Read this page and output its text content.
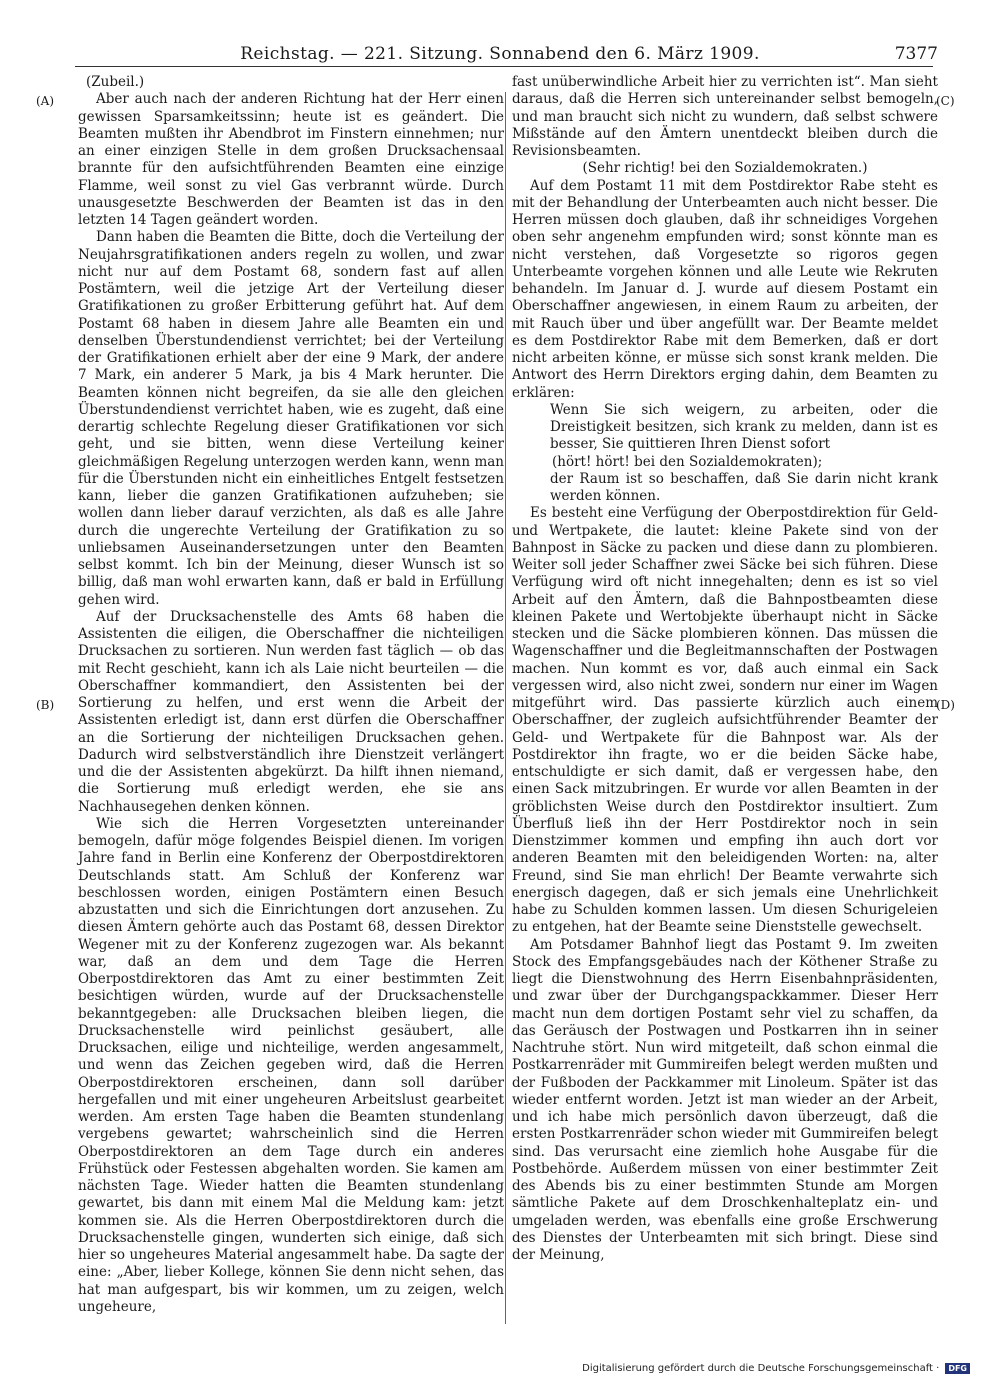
Reichstag. — 221. Sitzung. Sonnabend den 6. März 1909.	7377
(A)
(B)
(C)
(D)

(Zubeil.)

Aber auch nach der anderen Richtung hat der Herr einen gewissen Sparsamkeitssinn; heute ist es geändert. Die Beamten mußten ihr Abendbrot im Finstern einnehmen; nur an einer einzigen Stelle in dem großen Drucksachensaal brannte für den aufsichtführenden Beamten eine einzige Flamme, weil sonst zu viel Gas verbrannt würde. Durch unausgesetzte Beschwerden der Beamten ist das in den letzten 14 Tagen geändert worden.

Dann haben die Beamten die Bitte, doch die Verteilung der Neujahrsgratifikationen anders regeln zu wollen, und zwar nicht nur auf dem Postamt 68, sondern fast auf allen Postämtern, weil die jetzige Art der Verteilung dieser Gratifikationen zu großer Erbitterung geführt hat. Auf dem Postamt 68 haben in diesem Jahre alle Beamten ein und denselben Überstundendienst verrichtet; bei der Verteilung der Gratifikationen erhielt aber der eine 9 Mark, der andere 7 Mark, ein anderer 5 Mark, ja bis 4 Mark herunter. Die Beamten können nicht begreifen, da sie alle den gleichen Überstundendienst verrichtet haben, wie es zugeht, daß eine derartig schlechte Regelung dieser Gratifikationen vor sich geht, und sie bitten, wenn diese Verteilung keiner gleichmäßigen Regelung unterzogen werden kann, wenn man für die Überstunden nicht ein einheitliches Entgelt festsetzen kann, lieber die ganzen Gratifikationen aufzuheben; sie wollen dann lieber darauf verzichten, als daß es alle Jahre durch die ungerechte Verteilung der Gratifikation zu so unliebsamen Auseinandersetzungen unter den Beamten selbst kommt. Ich bin der Meinung, dieser Wunsch ist so billig, daß man wohl erwarten kann, daß er bald in Erfüllung gehen wird.

Auf der Drucksachenstelle des Amts 68 haben die Assistenten die eiligen, die Oberschaffner die nichteiligen Drucksachen zu sortieren. Nun werden fast täglich — ob das mit Recht geschieht, kann ich als Laie nicht beurteilen — die Oberschaffner kommandiert, den Assistenten bei der Sortierung zu helfen, und erst wenn die Arbeit der Assistenten erledigt ist, dann erst dürfen die Oberschaffner an die Sortierung der nichteiligen Drucksachen gehen. Dadurch wird selbstverständlich ihre Dienstzeit verlängert und die der Assistenten abgekürzt. Da hilft ihnen niemand, die Sortierung muß erledigt werden, ehe sie ans Nachhausegehen denken können.

Wie sich die Herren Vorgesetzten untereinander bemogeln, dafür möge folgendes Beispiel dienen. Im vorigen Jahre fand in Berlin eine Konferenz der Oberpostdirektoren Deutschlands statt. Am Schluß der Konferenz war beschlossen worden, einigen Postämtern einen Besuch abzustatten und sich die Einrichtungen dort anzusehen. Zu diesen Ämtern gehörte auch das Postamt 68, dessen Direktor Wegener mit zu der Konferenz zugezogen war. Als bekannt war, daß an dem und dem Tage die Herren Oberpostdirektoren das Amt zu einer bestimmten Zeit besichtigen würden, wurde auf der Drucksachenstelle bekanntgegeben: alle Drucksachen bleiben liegen, die Drucksachenstelle wird peinlichst gesäubert, alle Drucksachen, eilige und nichteilige, werden angesammelt, und wenn das Zeichen gegeben wird, daß die Herren Oberpostdirektoren erscheinen, dann soll darüber hergefallen und mit einer ungeheuren Arbeitslust gearbeitet werden. Am ersten Tage haben die Beamten stundenlang vergebens gewartet; wahrscheinlich sind die Herren Oberpostdirektoren an dem Tage durch ein anderes Frühstück oder Festessen abgehalten worden. Sie kamen am nächsten Tage. Wieder hatten die Beamten stundenlang gewartet, bis dann mit einem Mal die Meldung kam: jetzt kommen sie. Als die Herren Oberpostdirektoren durch die Drucksachenstelle gingen, wunderten sich einige, daß sich hier so ungeheures Material angesammelt habe. Da sagte der eine: „Aber, lieber Kollege, können Sie denn nicht sehen, das hat man aufgespart, bis wir kommen, um zu zeigen, welch ungeheure,

fast unüberwindliche Arbeit hier zu verrichten ist“. Man sieht daraus, daß die Herren sich untereinander selbst bemogeln, und man braucht sich nicht zu wundern, daß selbst schwere Mißstände auf den Ämtern unentdeckt bleiben durch die Revisionsbeamten.

(Sehr richtig! bei den Sozialdemokraten.)

Auf dem Postamt 11 mit dem Postdirektor Rabe steht es mit der Behandlung der Unterbeamten auch nicht besser. Die Herren müssen doch glauben, daß ihr schneidiges Vorgehen oben sehr angenehm empfunden wird; sonst könnte man es nicht verstehen, daß Vorgesetzte so rigoros gegen Unterbeamte vorgehen können und alle Leute wie Rekruten behandeln. Im Januar d. J. wurde auf diesem Postamt ein Oberschaffner angewiesen, in einem Raum zu arbeiten, der mit Rauch über und über angefüllt war. Der Beamte meldet es dem Postdirektor Rabe mit dem Bemerken, daß er dort nicht arbeiten könne, er müsse sich sonst krank melden. Die Antwort des Herrn Direktors erging dahin, dem Beamten zu erklären:

Wenn Sie sich weigern, zu arbeiten, oder die Dreistigkeit besitzen, sich krank zu melden, dann ist es besser, Sie quittieren Ihren Dienst sofort

(hört! hört! bei den Sozialdemokraten);

der Raum ist so beschaffen, daß Sie darin nicht krank werden können.

Es besteht eine Verfügung der Oberpostdirektion für Geld- und Wertpakete, die lautet: kleine Pakete sind von der Bahnpost in Säcke zu packen und diese dann zu plombieren. Weiter soll jeder Schaffner zwei Säcke bei sich führen. Diese Verfügung wird oft nicht innegehalten; denn es ist so viel Arbeit auf den Ämtern, daß die Bahnpostbeamten diese kleinen Pakete und Wertobjekte überhaupt nicht in Säcke stecken und die Säcke plombieren können. Das müssen die Wagenschaffner und die Begleitmannschaften der Postwagen machen. Nun kommt es vor, daß auch einmal ein Sack vergessen wird, also nicht zwei, sondern nur einer im Wagen mitgeführt wird. Das passierte kürzlich auch einem Oberschaffner, der zugleich aufsichtführender Beamter der Geld- und Wertpakete für die Bahnpost war. Als der Postdirektor ihn fragte, wo er die beiden Säcke habe, entschuldigte er sich damit, daß er vergessen habe, den einen Sack mitzubringen. Er wurde vor allen Beamten in der gröblichsten Weise durch den Postdirektor insultiert. Zum Überfluß ließ ihn der Herr Postdirektor noch in sein Dienstzimmer kommen und empfing ihn auch dort vor anderen Beamten mit den beleidigenden Worten: na, alter Freund, sind Sie man ehrlich! Der Beamte verwahrte sich energisch dagegen, daß er sich jemals eine Unehrlichkeit habe zu Schulden kommen lassen. Um diesen Schurigeleien zu entgehen, hat der Beamte seine Dienststelle gewechselt.

Am Potsdamer Bahnhof liegt das Postamt 9. Im zweiten Stock des Empfangsgebäudes nach der Köthener Straße zu liegt die Dienstwohnung des Herrn Eisenbahnpräsidenten, und zwar über der Durchgangspackkammer. Dieser Herr macht nun dem dortigen Postamt sehr viel zu schaffen, da das Geräusch der Postwagen und Postkarren ihn in seiner Nachtruhe stört. Nun wird mitgeteilt, daß schon einmal die Postkarrenräder mit Gummireifen belegt werden mußten und der Fußboden der Packkammer mit Linoleum. Später ist das wieder entfernt worden. Jetzt ist man wieder an der Arbeit, und ich habe mich persönlich davon überzeugt, daß die ersten Postkarrenräder schon wieder mit Gummireifen belegt sind. Das verursacht eine ziemlich hohe Ausgabe für die Postbehörde. Außerdem müssen von einer bestimmter Zeit des Abends bis zu einer bestimmten Stunde am Morgen sämtliche Pakete auf dem Droschkenhalteplatz ein- und umgeladen werden, was ebenfalls eine große Erschwerung des Dienstes der Unterbeamten mit sich bringt. Diese sind der Meinung,

Digitalisierung gefördert durch die Deutsche Forschungsgemeinschaft ·	DFG
